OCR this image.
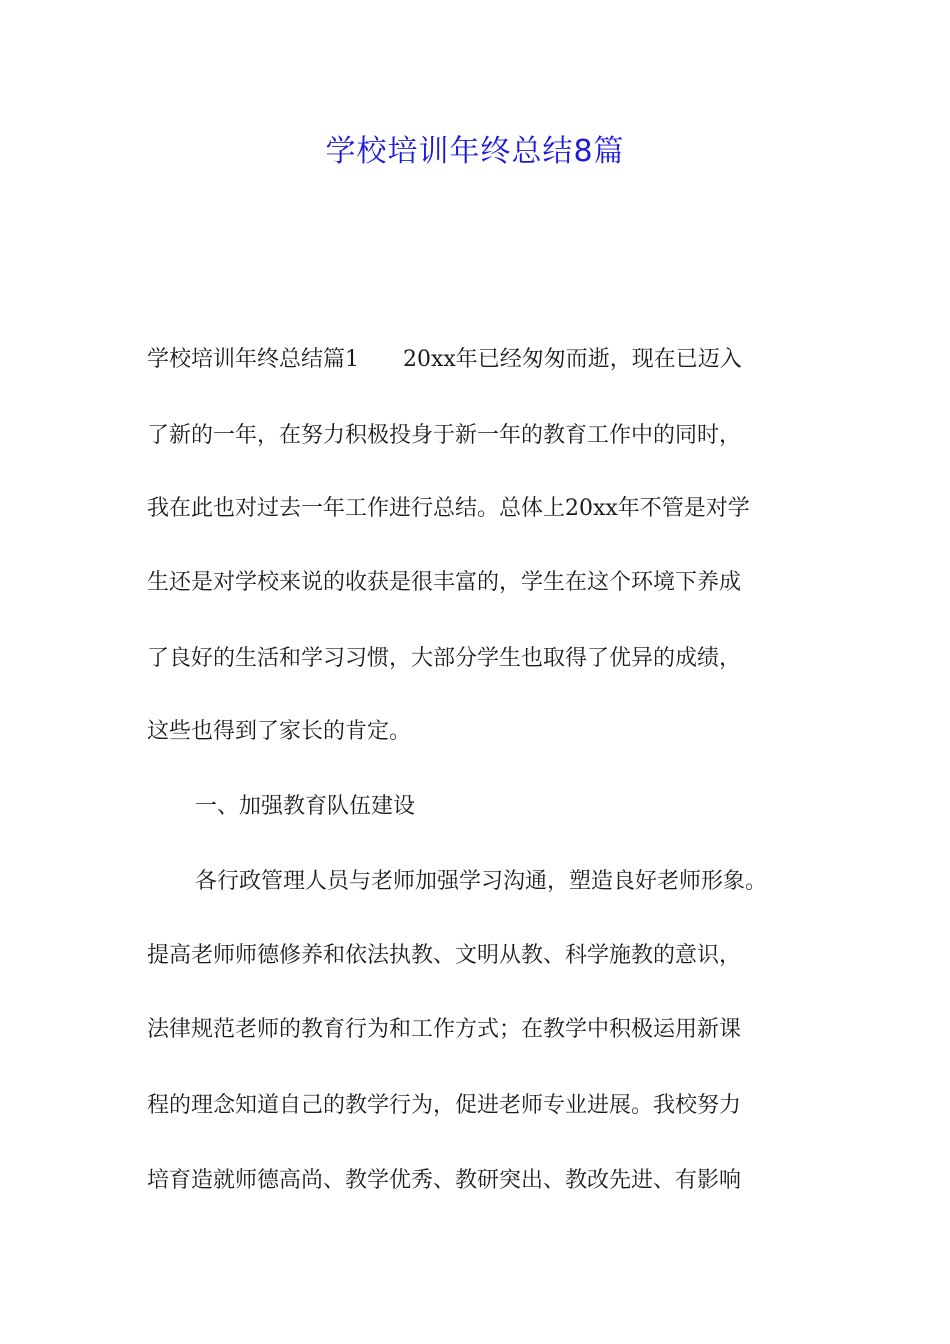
学校培训年终总结8篇

学校培训年终总结篇1　　20xx年已经匆匆而逝，现在已迈入

了新的一年，在努力积极投身于新一年的教育工作中的同时，

我在此也对过去一年工作进行总结。总体上20xx年不管是对学

生还是对学校来说的收获是很丰富的，学生在这个环境下养成

了良好的生活和学习习惯，大部分学生也取得了优异的成绩，

这些也得到了家长的肯定。

一、加强教育队伍建设

各行政管理人员与老师加强学习沟通，塑造良好老师形象。

提高老师师德修养和依法执教、文明从教、科学施教的意识，

法律规范老师的教育行为和工作方式；在教学中积极运用新课

程的理念知道自己的教学行为，促进老师专业进展。我校努力

培育造就师德高尚、教学优秀、教研突出、教改先进、有影响
